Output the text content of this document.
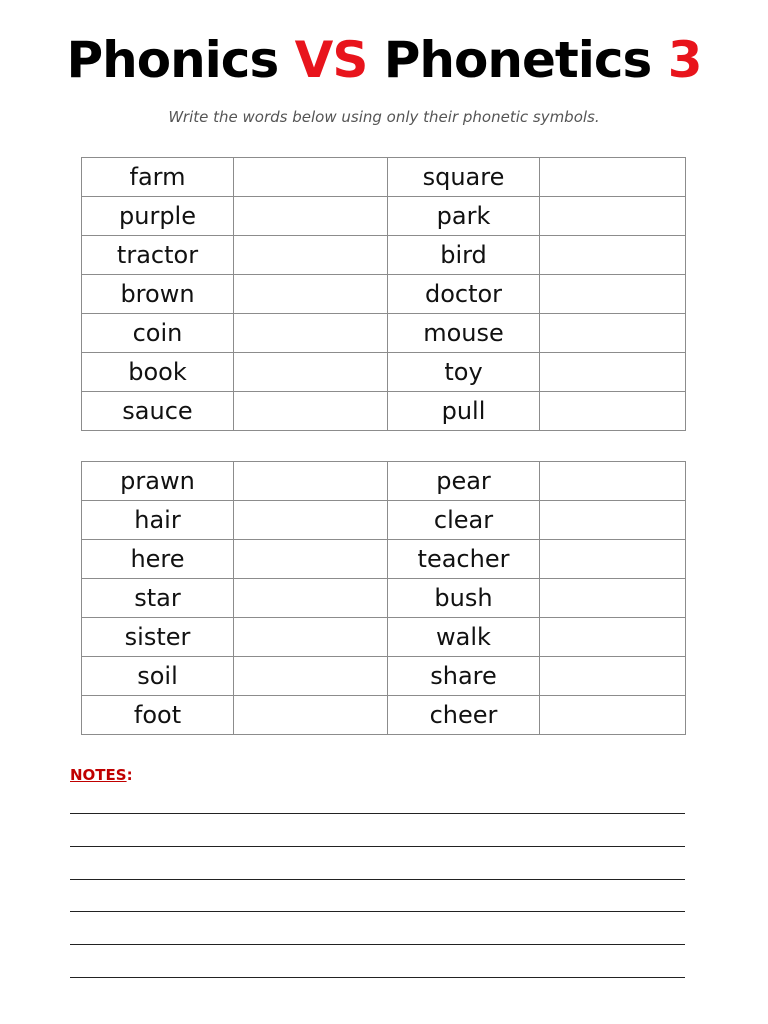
Phonics VS Phonetics 3
Write the words below using only their phonetic symbols.
farm		square	
purple		park	
tractor		bird	
brown		doctor	
coin		mouse	
book		toy	
sauce		pull	
prawn		pear	
hair		clear	
here		teacher	
star		bush	
sister		walk	
soil		share	
foot		cheer	
NOTES:
